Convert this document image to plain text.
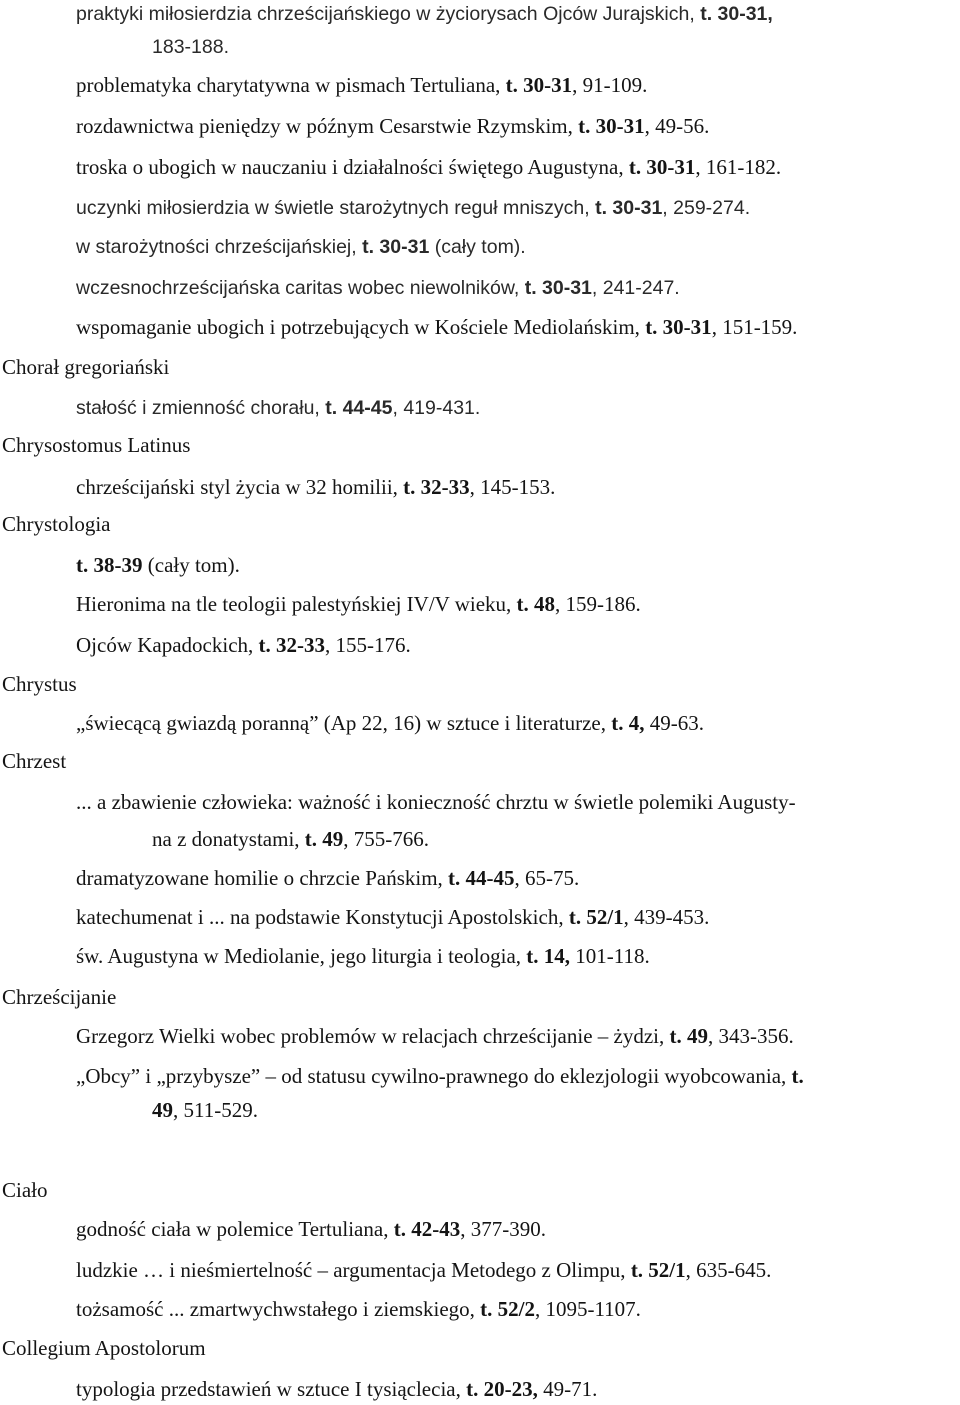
praktyki miłosierdzia chrześcijańskiego w życiorysach Ojców Jurajskich, t. 30-31,
183-188.
problematyka charytatywna w pismach Tertuliana, t. 30-31, 91-109.
rozdawnictwa pieniędzy w późnym Cesarstwie Rzymskim, t. 30-31, 49-56.
troska o ubogich w nauczaniu i działalności świętego Augustyna, t. 30-31, 161-182.
uczynki miłosierdzia w świetle starożytnych reguł mniszych, t. 30-31, 259-274.
w starożytności chrześcijańskiej, t. 30-31 (cały tom).
wczesnochrześcijańska caritas wobec niewolników, t. 30-31, 241-247.
wspomaganie ubogich i potrzebujących w Kościele Mediolańskim, t. 30-31, 151-159.
Chorał gregoriański
stałość i zmienność chorału, t. 44-45, 419-431.
Chrysostomus Latinus
chrześcijański styl życia w 32 homilii, t. 32-33, 145-153.
Chrystologia
t. 38-39 (cały tom).
Hieronima na tle teologii palestyńskiej IV/V wieku, t. 48, 159-186.
Ojców Kapadockich, t. 32-33, 155-176.
Chrystus
„świecącą gwiazdą poranną” (Ap 22, 16) w sztuce i literaturze, t. 4, 49-63.
Chrzest
... a zbawienie człowieka: ważność i konieczność chrztu w świetle polemiki Augusty-
na z donatystami, t. 49, 755-766.
dramatyzowane homilie o chrzcie Pańskim, t. 44-45, 65-75.
katechumenat i ... na podstawie Konstytucji Apostolskich, t. 52/1, 439-453.
św. Augustyna w Mediolanie, jego liturgia i teologia, t. 14, 101-118.
Chrześcijanie
Grzegorz Wielki wobec problemów w relacjach chrześcijanie – żydzi, t. 49, 343-356.
„Obcy” i „przybysze” – od statusu cywilno-prawnego do eklezjologii wyobcowania, t.
49, 511-529.
Ciało
godność ciała w polemice Tertuliana, t. 42-43, 377-390.
ludzkie … i nieśmiertelność – argumentacja Metodego z Olimpu, t. 52/1, 635-645.
tożsamość ... zmartwychwstałego i ziemskiego, t. 52/2, 1095-1107.
Collegium Apostolorum
typologia przedstawień w sztuce I tysiąclecia, t. 20-23, 49-71.
